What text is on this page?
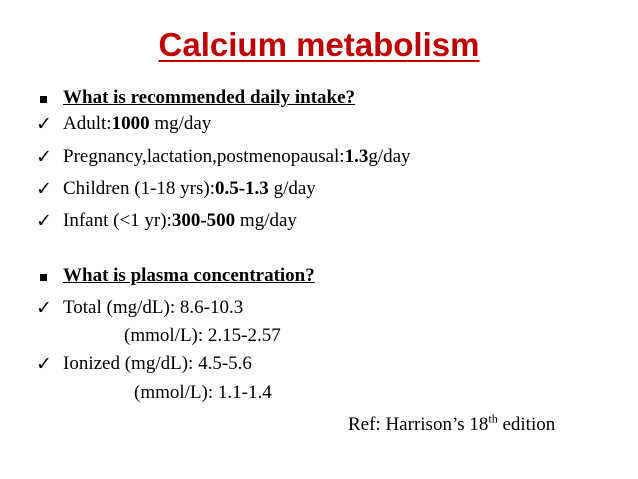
Calcium metabolism
What is recommended daily intake?
✓ Adult:1000 mg/day
✓ Pregnancy,lactation,postmenopausal:1.3g/day
✓ Children (1-18 yrs):0.5-1.3 g/day
✓ Infant (<1 yr):300-500 mg/day
What is plasma concentration?
✓ Total (mg/dL): 8.6-10.3
(mmol/L): 2.15-2.57
✓ Ionized (mg/dL): 4.5-5.6
(mmol/L): 1.1-1.4
Ref: Harrison’s 18th edition
